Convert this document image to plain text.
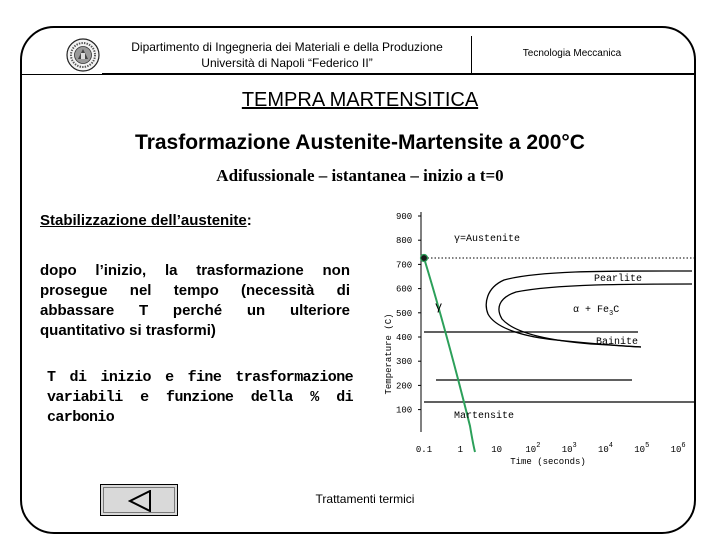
Dipartimento di Ingegneria dei Materiali e della Produzione
Università di Napoli “Federico II”
Tecnologia Meccanica
TEMPRA MARTENSITICA
Trasformazione Austenite-Martensite a 200°C
Adifussionale – istantanea – inizio a t=0
Stabilizzazione dell’austenite:
dopo l’inizio, la trasformazione non prosegue nel tempo (necessità di abbassare T perché un ulteriore quantitativo si trasformi)
T di inizio e fine trasformazione variabili e funzione della % di carbonio
900
800
700
600
500
400
300
200
100
0.1	1	10	$10^2$ $10^3$ $10^4$ $10^5$ $10^6$
Temperature (C)
Time (seconds)
γ=Austenite
γ
Pearlite
$\alpha + Fe_3C$
Bainite
Martensite
Trattamenti termici
